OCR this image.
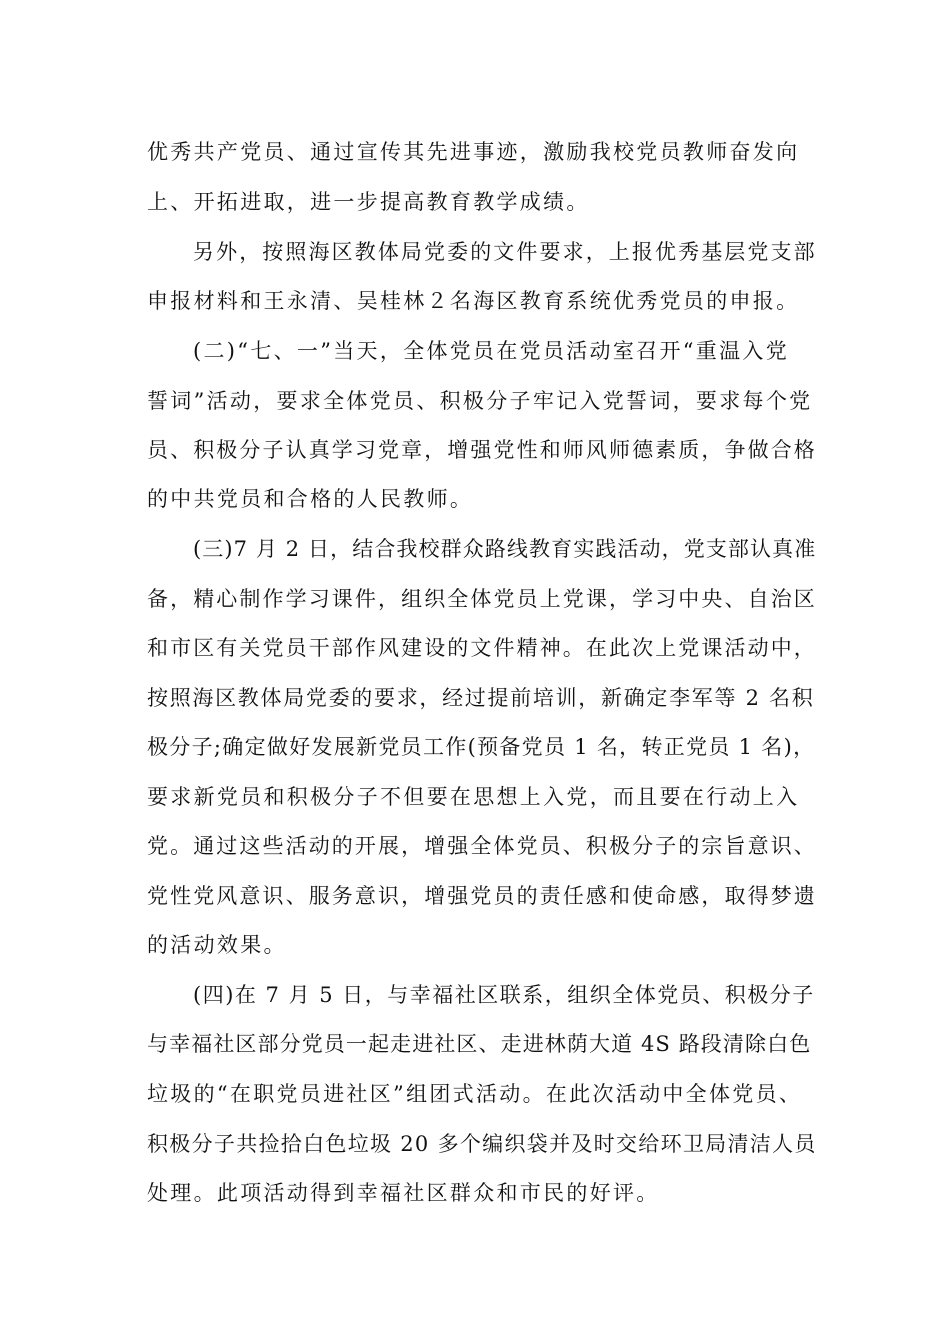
优秀共产党员、通过宣传其先进事迹，激励我校党员教师奋发向
上、开拓进取，进一步提高教育教学成绩。
另外，按照海区教体局党委的文件要求，上报优秀基层党支部
申报材料和王永清、吴桂林２名海区教育系统优秀党员的申报。
(二)“七、一”当天，全体党员在党员活动室召开“重温入党
誓词”活动，要求全体党员、积极分子牢记入党誓词，要求每个党
员、积极分子认真学习党章，增强党性和师风师德素质，争做合格
的中共党员和合格的人民教师。
(三)7 月 2 日，结合我校群众路线教育实践活动，党支部认真准
备，精心制作学习课件，组织全体党员上党课，学习中央、自治区
和市区有关党员干部作风建设的文件精神。在此次上党课活动中，
按照海区教体局党委的要求，经过提前培训，新确定李军等 2 名积
极分子;确定做好发展新党员工作(预备党员 1 名，转正党员 1 名)，
要求新党员和积极分子不但要在思想上入党，而且要在行动上入
党。通过这些活动的开展，增强全体党员、积极分子的宗旨意识、
党性党风意识、服务意识，增强党员的责任感和使命感，取得梦遗
的活动效果。
(四)在 7 月 5 日，与幸福社区联系，组织全体党员、积极分子
与幸福社区部分党员一起走进社区、走进林荫大道 4S 路段清除白色
垃圾的“在职党员进社区”组团式活动。在此次活动中全体党员、
积极分子共捡拾白色垃圾 20 多个编织袋并及时交给环卫局清洁人员
处理。此项活动得到幸福社区群众和市民的好评。
